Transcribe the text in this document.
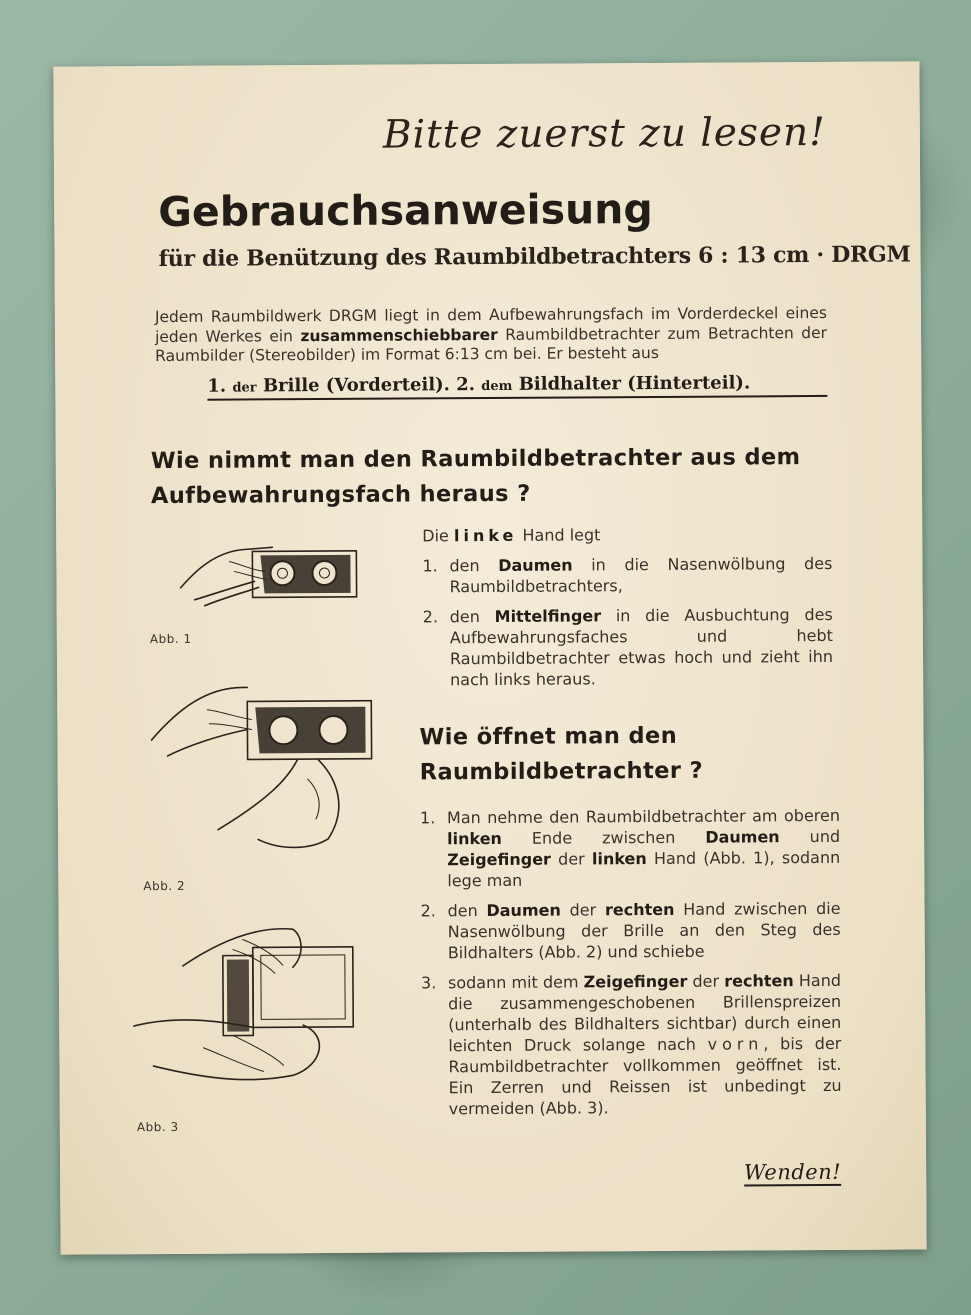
Bitte zuerst zu lesen!
Gebrauchsanweisung
für die Benützung des Raumbildbetrachters 6 : 13 cm · DRGM
Jedem Raumbildwerk DRGM liegt in dem Aufbewahrungsfach im Vorderdeckel eines jeden Werkes ein zusammenschiebbarer Raumbildbetrachter zum Betrachten der Raumbilder (Stereobilder) im Format 6:13 cm bei. Er besteht aus
1. der Brille (Vorderteil). 2. dem Bildhalter (Hinterteil).
Wie nimmt man den Raumbildbetrachter aus dem Aufbewahrungsfach heraus ?
Die linke Hand legt
1. den Daumen in die Nasenwölbung des Raumbildbetrachters,
2. den Mittelfinger in die Ausbuchtung des Aufbewahrungsfaches und hebt Raumbildbetrachter etwas hoch und zieht ihn nach links heraus.
Wie öffnet man den Raumbildbetrachter ?
1. Man nehme den Raumbildbetrachter am oberen linken Ende zwischen Daumen und Zeigefinger der linken Hand (Abb. 1), sodann lege man
2. den Daumen der rechten Hand zwischen die Nasenwölbung der Brille an den Steg des Bildhalters (Abb. 2) und schiebe
3. sodann mit dem Zeigefinger der rechten Hand die zusammengeschobenen Brillenspreizen (unterhalb des Bildhalters sichtbar) durch einen leichten Druck solange nach vorn, bis der Raumbildbetrachter vollkommen geöffnet ist. Ein Zerren und Reissen ist unbedingt zu vermeiden (Abb. 3).
Abb. 1
Abb. 2
Abb. 3
Wenden!
